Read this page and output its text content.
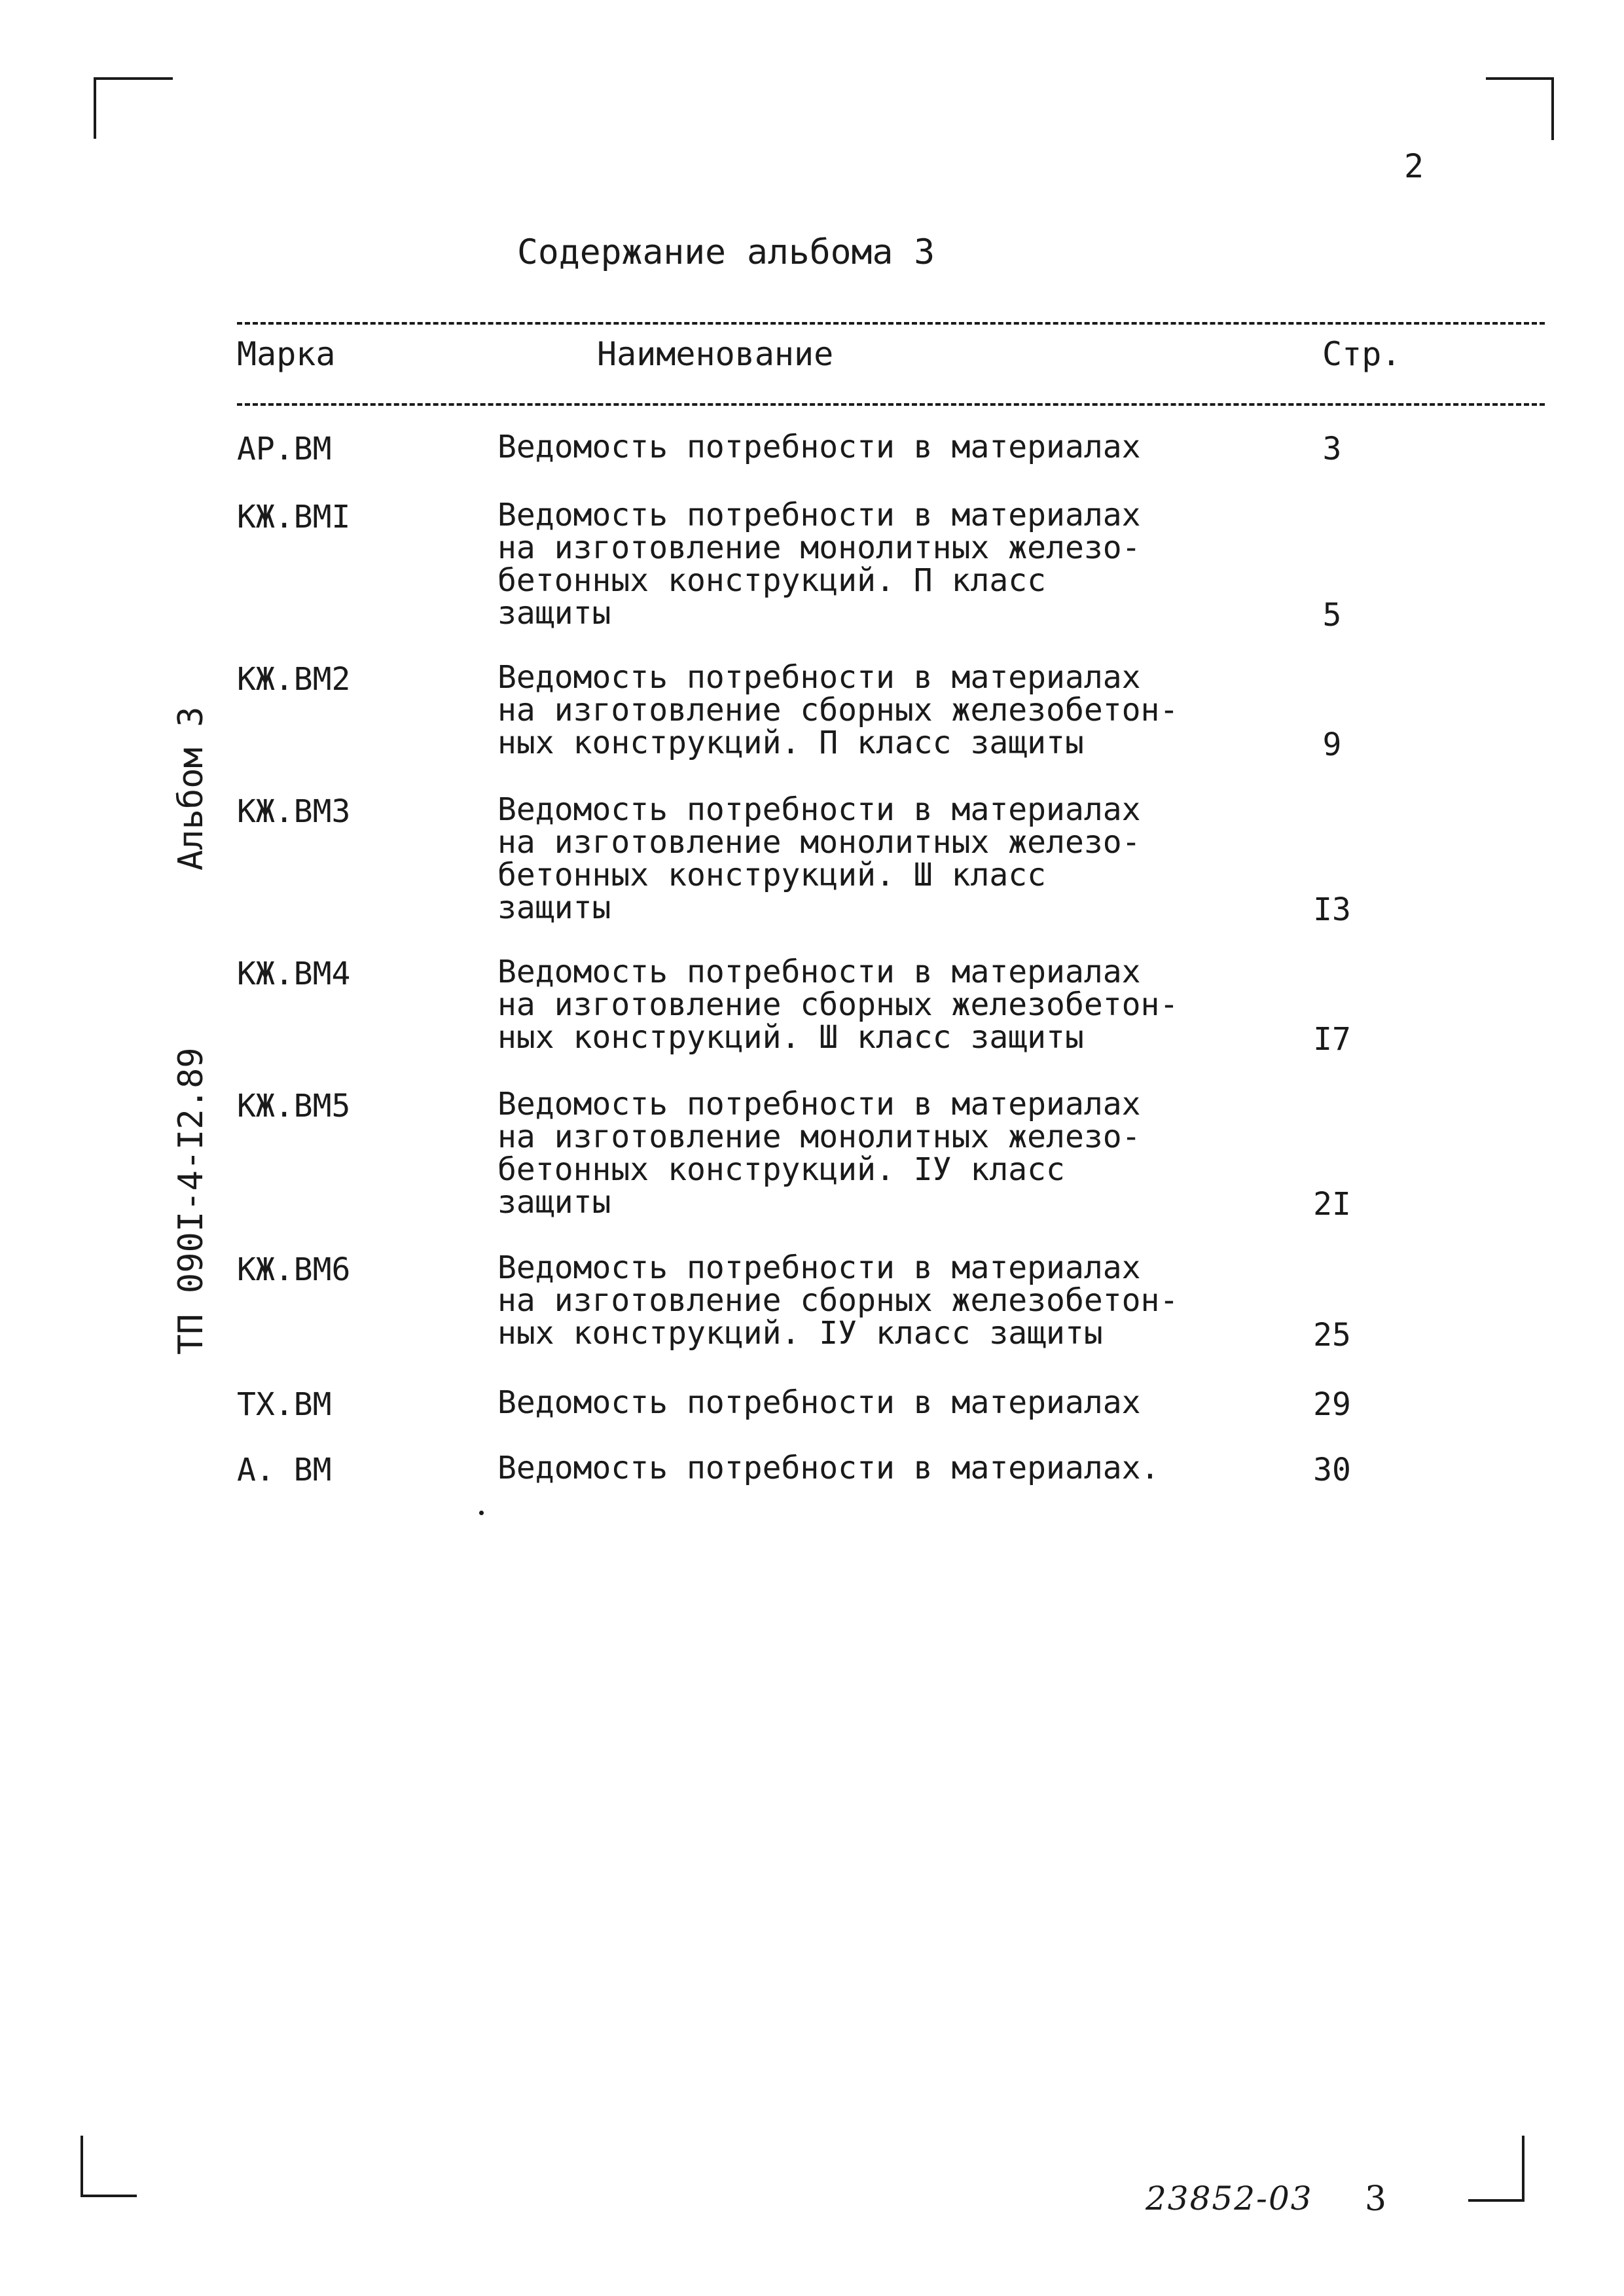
2
Содержание альбома 3
Марка	Наименование	Стр.
АР.ВМ	Ведомость потребности в материалах	3
КЖ.ВМI	Ведомость потребности в материалах
на изготовление монолитных железо-
бетонных конструкций. П класс
защиты	5
КЖ.ВМ2	Ведомость потребности в материалах
на изготовление сборных железобетон-
ных конструкций. П класс защиты	9
КЖ.ВМ3	Ведомость потребности в материалах
на изготовление монолитных железо-
бетонных конструкций. Ш класс
защиты	I3
КЖ.ВМ4	Ведомость потребности в материалах
на изготовление сборных железобетон-
ных конструкций. Ш класс защиты	I7
КЖ.ВМ5	Ведомость потребности в материалах
на изготовление монолитных железо-
бетонных конструкций. IУ класс
защиты	2I
КЖ.ВМ6	Ведомость потребности в материалах
на изготовление сборных железобетон-
ных конструкций. IУ класс защиты	25
ТХ.ВМ	Ведомость потребности в материалах	29
А. ВМ	Ведомость потребности в материалах.	30
Альбом 3
ТП 090I-4-I2.89
23852-03 3
